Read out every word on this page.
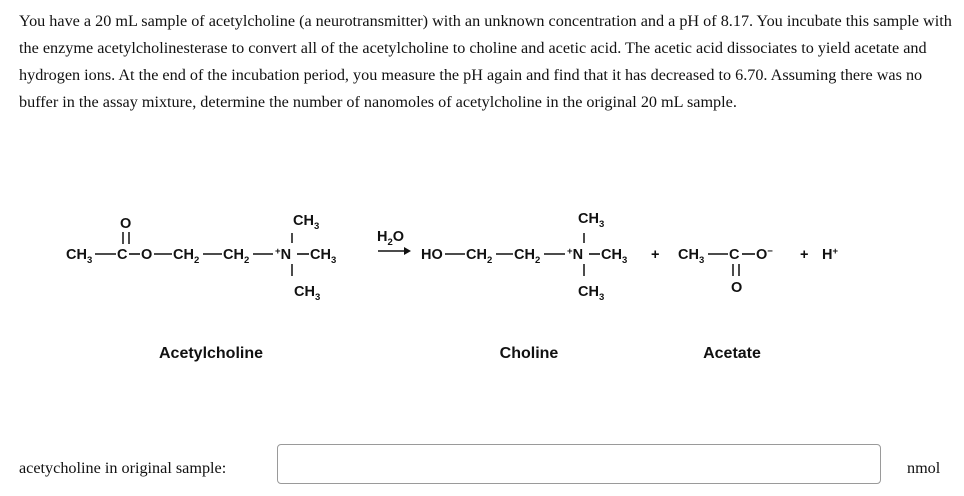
You have a 20 mL sample of acetylcholine (a neurotransmitter) with an unknown concentration and a pH of 8.17. You incubate this sample with the enzyme acetylcholinesterase to convert all of the acetylcholine to choline and acetic acid. The acetic acid dissociates to yield acetate and hydrogen ions. At the end of the incubation period, you measure the pH again and find that it has decreased to 6.70. Assuming there was no buffer in the assay mixture, determine the number of nanomoles of acetylcholine in the original 20 mL sample.

O
$CH_3$ C O $CH_2$ $CH_2$
+N $CH_3$
$CH_3$
$CH_3$
$H_2O$
HO $CH_2$ $CH_2$
+N $CH_3$
$CH_3$
$CH_3$
+ $CH_3$ C O−
O
+ H+
Acetylcholine	Choline	Acetate
acetycholine in original sample:	nmol
